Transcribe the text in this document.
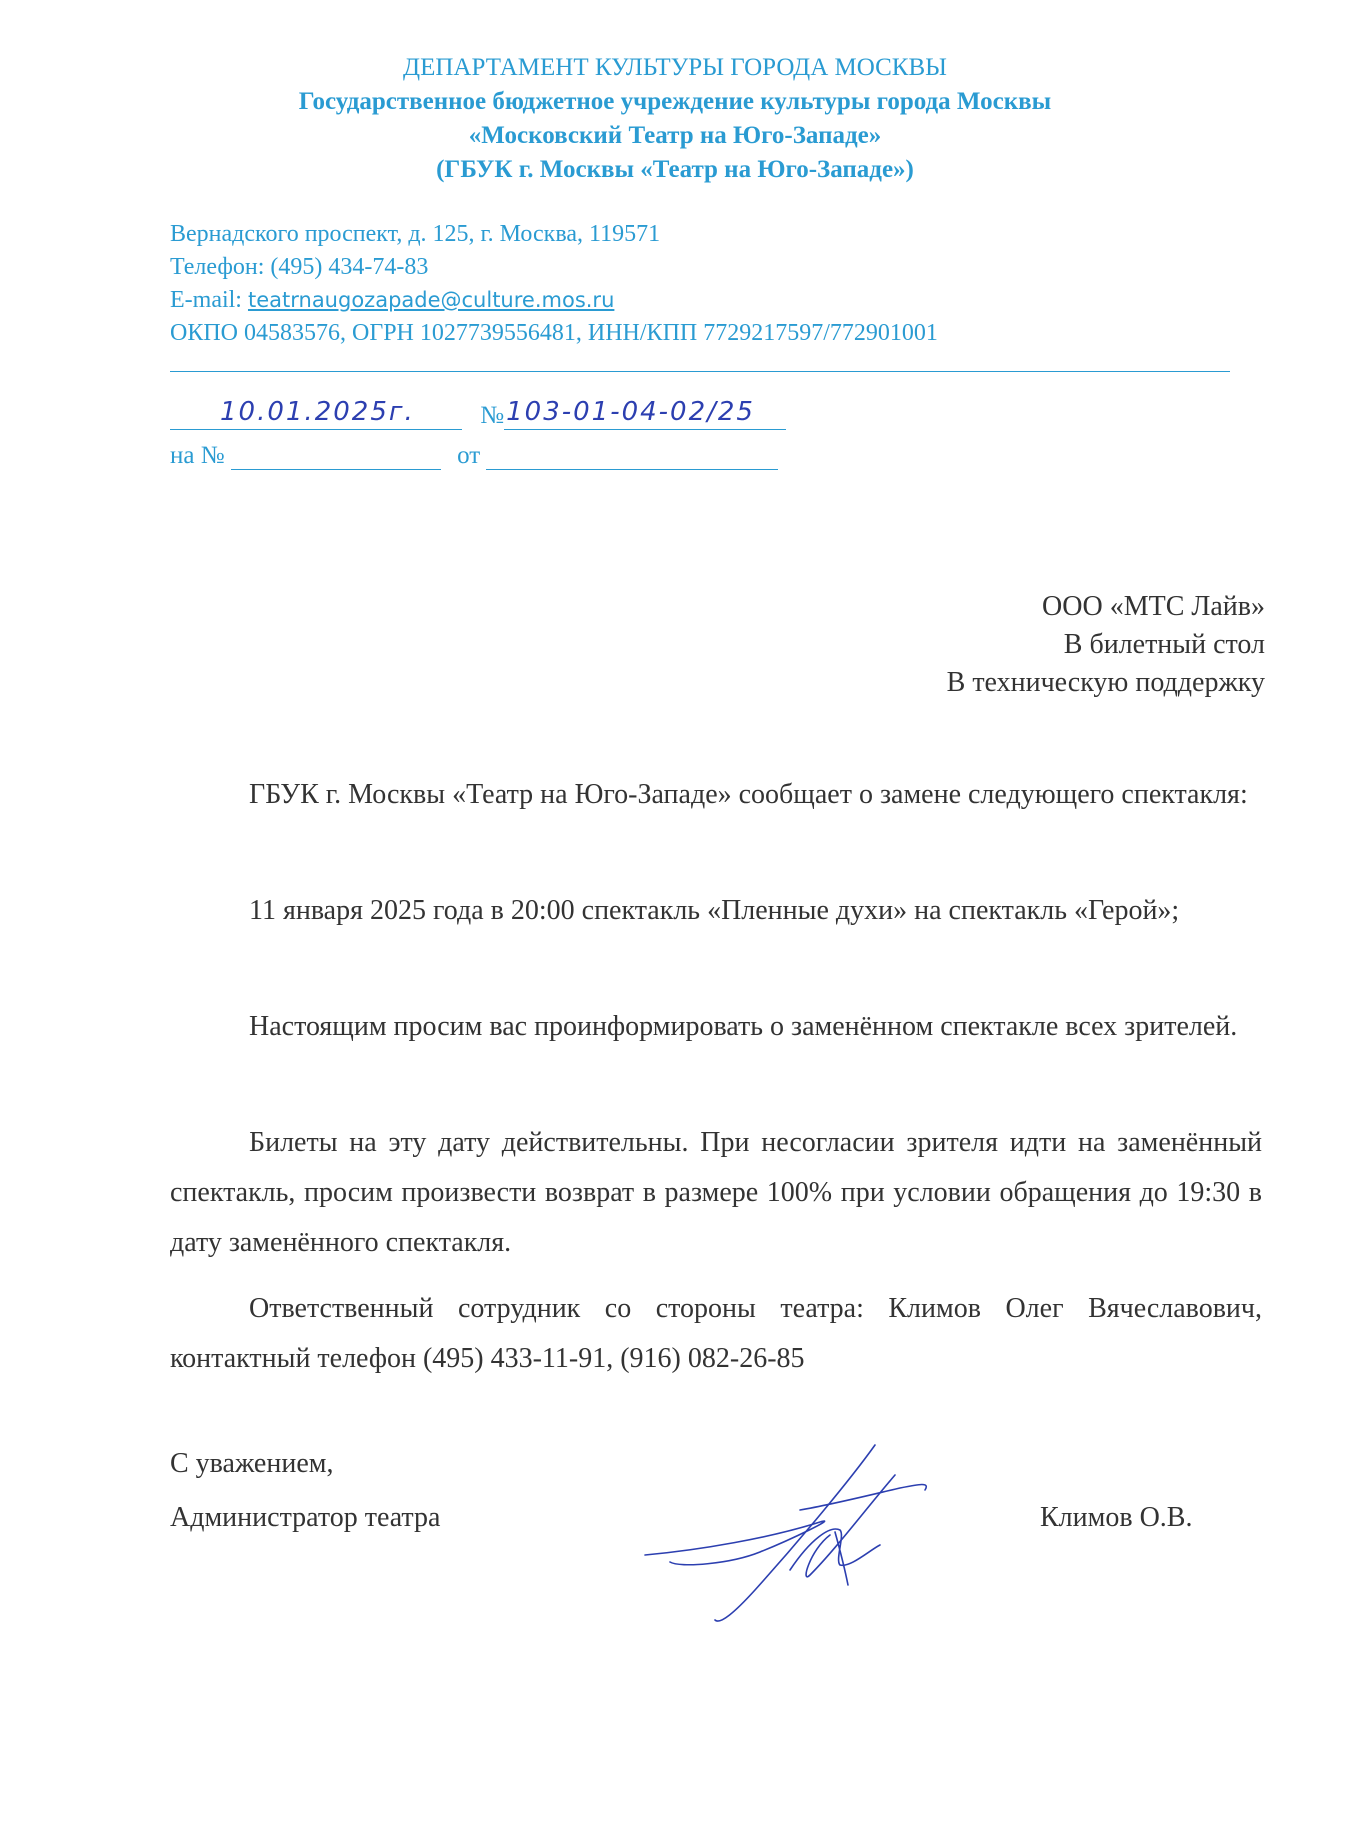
ДЕПАРТАМЕНТ КУЛЬТУРЫ ГОРОДА МОСКВЫ
Государственное бюджетное учреждение культуры города Москвы
«Московский Театр на Юго-Западе»
(ГБУК г. Москвы «Театр на Юго-Западе»)
Вернадского проспект, д. 125, г. Москва, 119571
Телефон: (495) 434-74-83
E-mail: teatrnaugozapade@culture.mos.ru
ОКПО 04583576, ОГРН 1027739556481, ИНН/КПП 7729217597/772901001
10.01.2025г.	№ 103-01-04-02/25
на №	от
ООО «МТС Лайв»
В билетный стол
В техническую поддержку
ГБУК г. Москвы «Театр на Юго-Западе» сообщает о замене следующего спектакля:
11 января 2025 года в 20:00 спектакль «Пленные духи» на спектакль «Герой»;
Настоящим просим вас проинформировать о заменённом спектакле всех зрителей.
Билеты на эту дату действительны. При несогласии зрителя идти на заменённый спектакль, просим произвести возврат в размере 100% при условии обращения до 19:30 в дату заменённого спектакля.
Ответственный сотрудник со стороны театра: Климов Олег Вячеславович, контактный телефон (495) 433-11-91, (916) 082-26-85
С уважением,
Администратор театра	Климов О.В.
